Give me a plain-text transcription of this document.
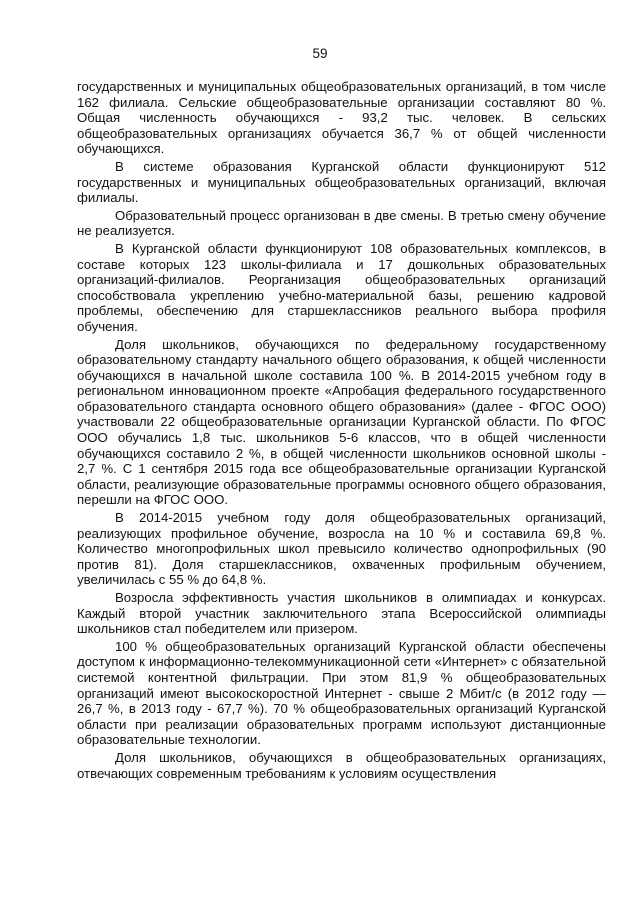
59

государственных и муниципальных общеобразовательных организаций, в том числе 162 филиала. Сельские общеобразовательные организации составляют 80 %. Общая численность обучающихся - 93,2 тыс. человек. В сельских общеобразовательных организациях обучается 36,7 % от общей численности обучающихся.

В системе образования Курганской области функционируют 512 государственных и муниципальных общеобразовательных организаций, включая филиалы.

Образовательный процесс организован в две смены. В третью смену обучение не реализуется.

В Курганской области функционируют 108 образовательных комплексов, в составе которых 123 школы-филиала и 17 дошкольных образовательных организаций-филиалов. Реорганизация общеобразовательных организаций способствовала укреплению учебно-материальной базы, решению кадровой проблемы, обеспечению для старшеклассников реального выбора профиля обучения.

Доля школьников, обучающихся по федеральному государственному образовательному стандарту начального общего образования, к общей численности обучающихся в начальной школе составила 100 %. В 2014-2015 учебном году в региональном инновационном проекте «Апробация федерального государственного образовательного стандарта основного общего образования» (далее - ФГОС ООО) участвовали 22 общеобразовательные организации Курганской области. По ФГОС ООО обучались 1,8 тыс. школьников 5-6 классов, что в общей численности обучающихся составило 2 %, в общей численности школьников основной школы - 2,7 %. С 1 сентября 2015 года все общеобразовательные организации Курганской области, реализующие образовательные программы основного общего образования, перешли на ФГОС ООО.

В 2014-2015 учебном году доля общеобразовательных организаций, реализующих профильное обучение, возросла на 10 % и составила 69,8 %. Количество многопрофильных школ превысило количество однопрофильных (90 против 81). Доля старшеклассников, охваченных профильным обучением, увеличилась с 55 % до 64,8 %.

Возросла эффективность участия школьников в олимпиадах и конкурсах. Каждый второй участник заключительного этапа Всероссийской олимпиады школьников стал победителем или призером.

100 % общеобразовательных организаций Курганской области обеспечены доступом к информационно-телекоммуникационной сети «Интернет» с обязательной системой контентной фильтрации. При этом 81,9 % общеобразовательных организаций имеют высокоскоростной Интернет - свыше 2 Мбит/с (в 2012 году — 26,7 %, в 2013 году - 67,7 %). 70 % общеобразовательных организаций Курганской области при реализации образовательных программ используют дистанционные образовательные технологии.

Доля школьников, обучающихся в общеобразовательных организациях, отвечающих современным требованиям к условиям осуществления
